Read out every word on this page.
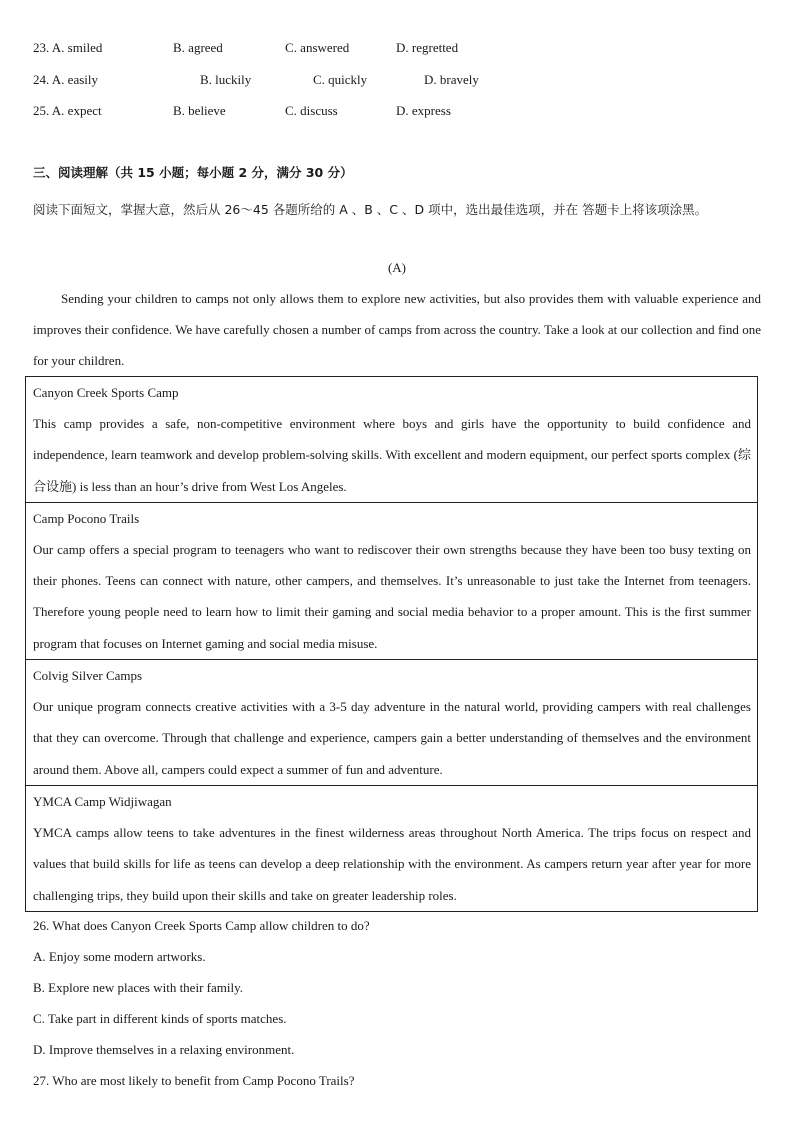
23. A. smiled	B. agreed	C. answered	D. regretted
24. A. easily	B. luckily	C. quickly	D. bravely
25. A. expect	B. believe	C. discuss	D. express
三、阅读理解（共 15 小题；每小题 2 分，满分 30 分）
阅读下面短文，掌握大意，然后从 26～45 各题所给的 A 、B 、C 、D 项中，选出最佳选项，并在 答题卡上将该项涂黑。
(A)
Sending your children to camps not only allows them to explore new activities, but also provides them with valuable experience and improves their confidence. We have carefully chosen a number of camps from across the country. Take a look at our collection and find one for your children.
Canyon Creek Sports Camp
This camp provides a safe, non-competitive environment where boys and girls have the opportunity to build confidence and independence, learn teamwork and develop problem-solving skills. With excellent and modern equipment, our perfect sports complex (综合设施) is less than an hour’s drive from West Los Angeles.
Camp Pocono Trails
Our camp offers a special program to teenagers who want to rediscover their own strengths because they have been too busy texting on their phones. Teens can connect with nature, other campers, and themselves. It’s unreasonable to just take the Internet from teenagers. Therefore young people need to learn how to limit their gaming and social media behavior to a proper amount. This is the first summer program that focuses on Internet gaming and social media misuse.
Colvig Silver Camps
Our unique program connects creative activities with a 3-5 day adventure in the natural world, providing campers with real challenges that they can overcome. Through that challenge and experience, campers gain a better understanding of themselves and the environment around them. Above all, campers could expect a summer of fun and adventure.
YMCA Camp Widjiwagan
YMCA camps allow teens to take adventures in the finest wilderness areas throughout North America. The trips focus on respect and values that build skills for life as teens can develop a deep relationship with the environment. As campers return year after year for more challenging trips, they build upon their skills and take on greater leadership roles.
26. What does Canyon Creek Sports Camp allow children to do?
A. Enjoy some modern artworks.
B. Explore new places with their family.
C. Take part in different kinds of sports matches.
D. Improve themselves in a relaxing environment.
27. Who are most likely to benefit from Camp Pocono Trails?
